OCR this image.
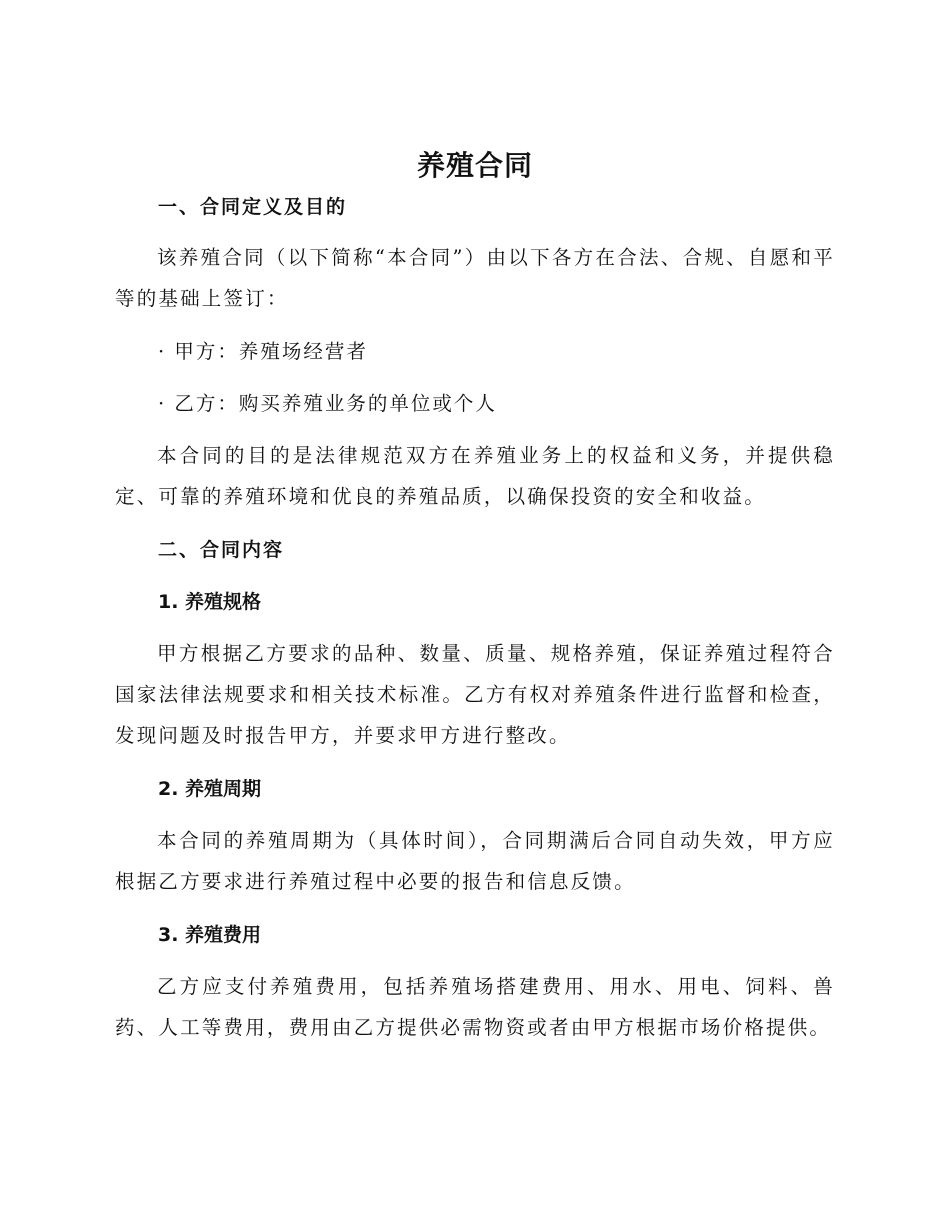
养殖合同
一、合同定义及目的

该养殖合同（以下简称“本合同”）由以下各方在合法、合规、自愿和平等的基础上签订：

· 甲方：养殖场经营者
· 乙方：购买养殖业务的单位或个人

本合同的目的是法律规范双方在养殖业务上的权益和义务，并提供稳定、可靠的养殖环境和优良的养殖品质，以确保投资的安全和收益。

二、合同内容
1. 养殖规格

甲方根据乙方要求的品种、数量、质量、规格养殖，保证养殖过程符合国家法律法规要求和相关技术标准。乙方有权对养殖条件进行监督和检查，发现问题及时报告甲方，并要求甲方进行整改。

2. 养殖周期

本合同的养殖周期为（具体时间），合同期满后合同自动失效，甲方应根据乙方要求进行养殖过程中必要的报告和信息反馈。

3. 养殖费用

乙方应支付养殖费用，包括养殖场搭建费用、用水、用电、饲料、兽药、人工等费用，费用由乙方提供必需物资或者由甲方根据市场价格提供。
